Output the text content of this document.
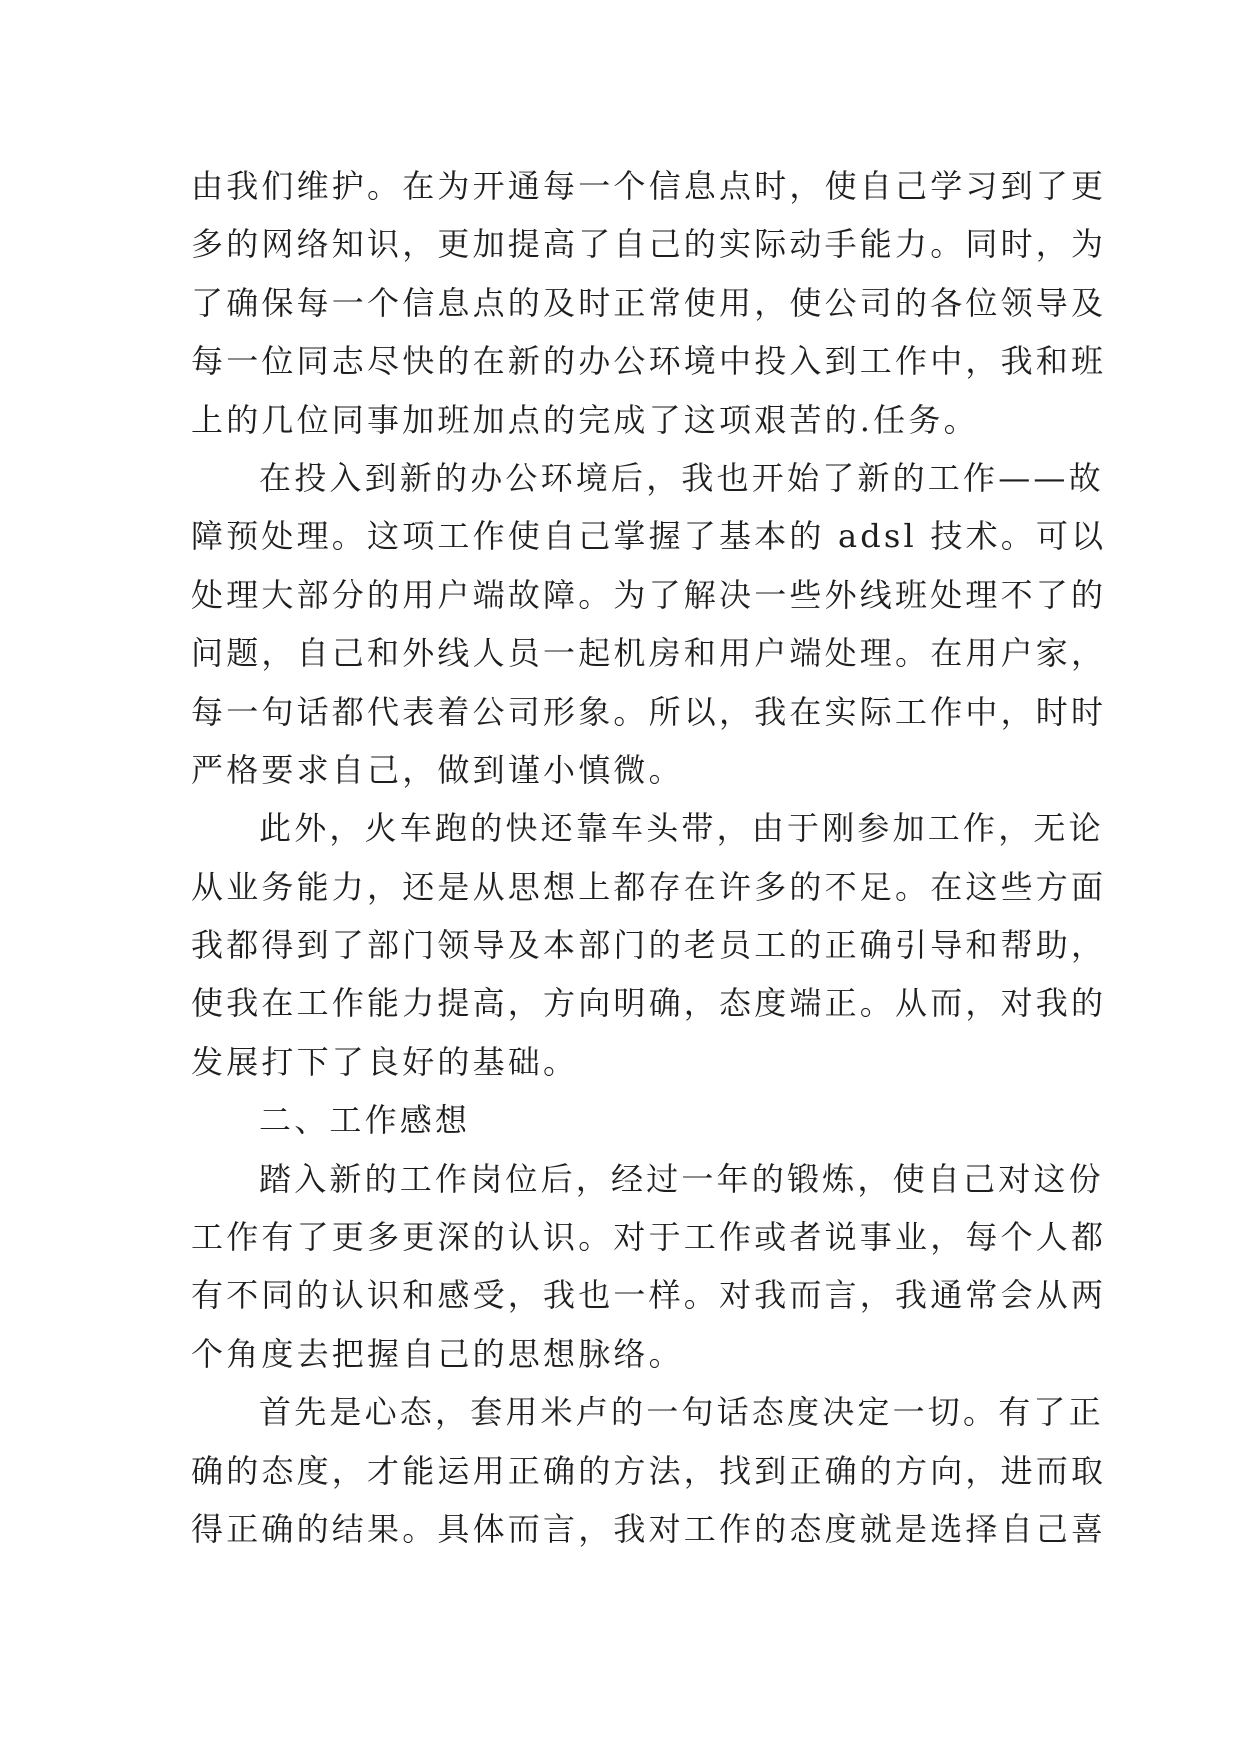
由我们维护。在为开通每一个信息点时，使自己学习到了更
多的网络知识，更加提高了自己的实际动手能力。同时，为
了确保每一个信息点的及时正常使用，使公司的各位领导及
每一位同志尽快的在新的办公环境中投入到工作中，我和班
上的几位同事加班加点的完成了这项艰苦的.任务。
在投入到新的办公环境后，我也开始了新的工作——故
障预处理。这项工作使自己掌握了基本的 adsl 技术。可以
处理大部分的用户端故障。为了解决一些外线班处理不了的
问题，自己和外线人员一起机房和用户端处理。在用户家，
每一句话都代表着公司形象。所以，我在实际工作中，时时
严格要求自己，做到谨小慎微。
此外，火车跑的快还靠车头带，由于刚参加工作，无论
从业务能力，还是从思想上都存在许多的不足。在这些方面
我都得到了部门领导及本部门的老员工的正确引导和帮助，
使我在工作能力提高，方向明确，态度端正。从而，对我的
发展打下了良好的基础。
二、工作感想
踏入新的工作岗位后，经过一年的锻炼，使自己对这份
工作有了更多更深的认识。对于工作或者说事业，每个人都
有不同的认识和感受，我也一样。对我而言，我通常会从两
个角度去把握自己的思想脉络。
首先是心态，套用米卢的一句话态度决定一切。有了正
确的态度，才能运用正确的方法，找到正确的方向，进而取
得正确的结果。具体而言，我对工作的态度就是选择自己喜
